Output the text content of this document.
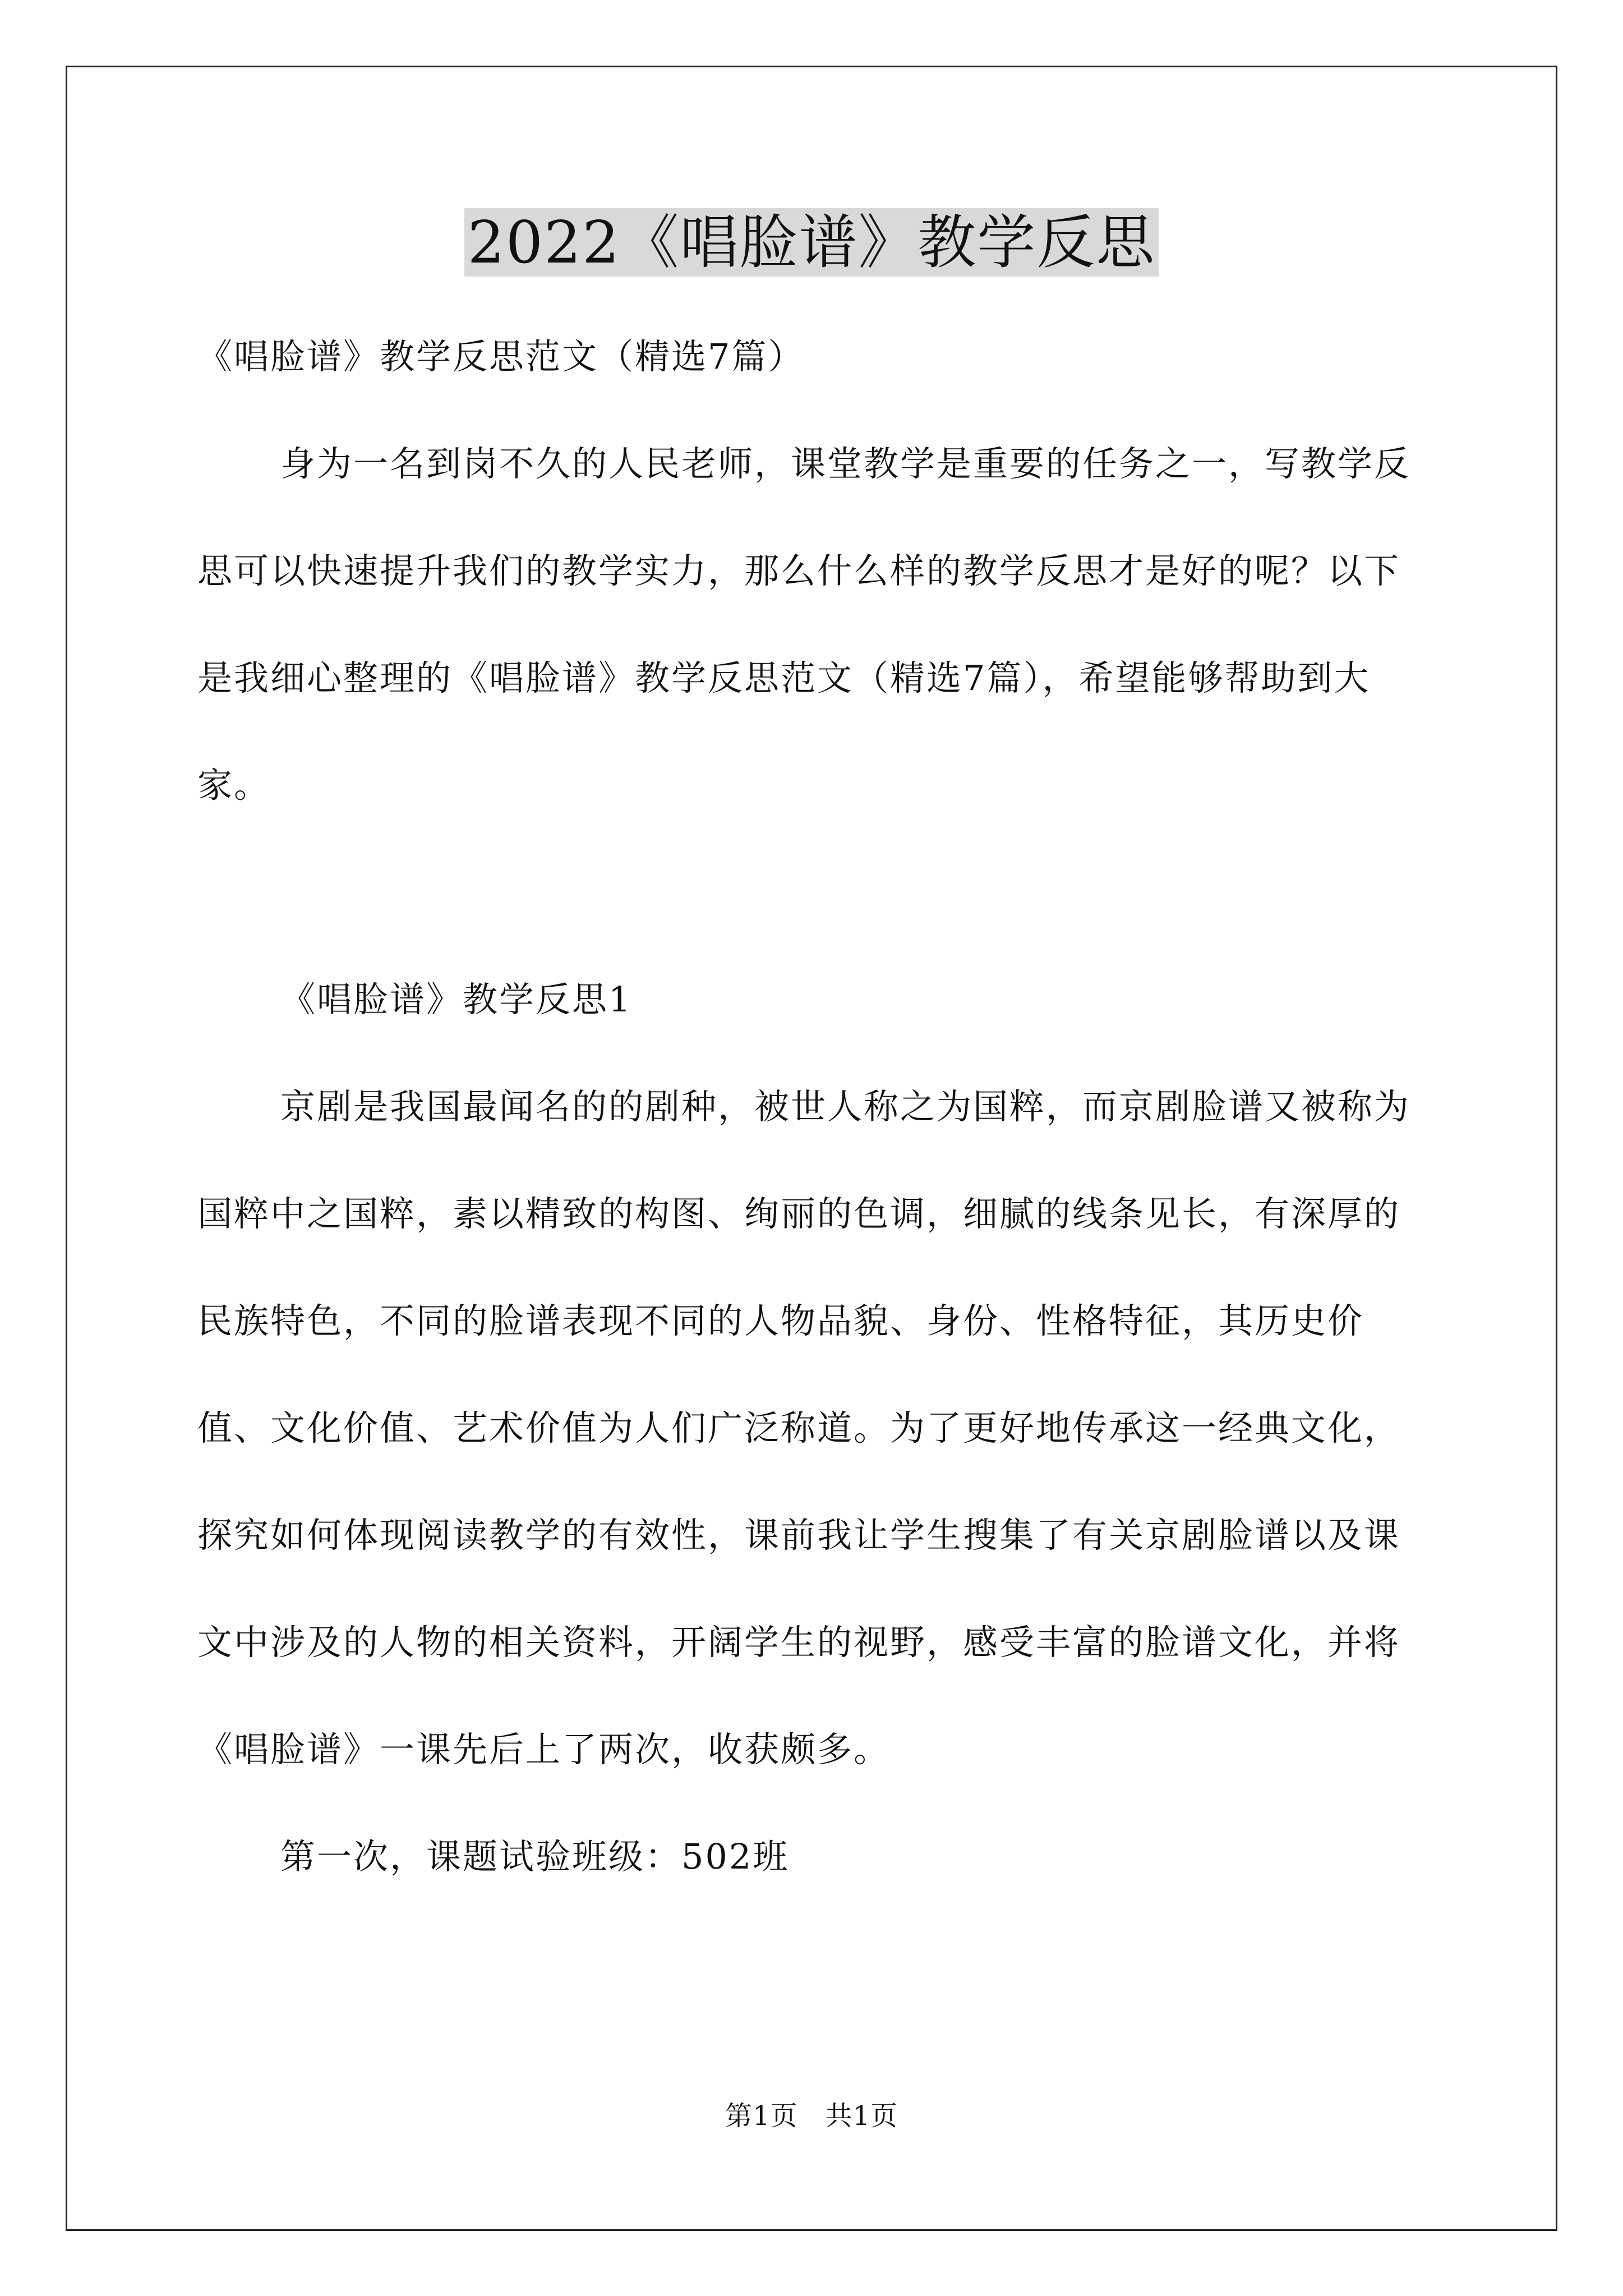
2022《唱脸谱》教学反思

《唱脸谱》教学反思范文（精选7篇）

身为一名到岗不久的人民老师，课堂教学是重要的任务之一，写教学反思可以快速提升我们的教学实力，那么什么样的教学反思才是好的呢？以下是我细心整理的《唱脸谱》教学反思范文（精选7篇），希望能够帮助到大家。

《唱脸谱》教学反思1

京剧是我国最闻名的的剧种，被世人称之为国粹，而京剧脸谱又被称为国粹中之国粹，素以精致的构图、绚丽的色调，细腻的线条见长，有深厚的民族特色，不同的脸谱表现不同的人物品貌、身份、性格特征，其历史价值、文化价值、艺术价值为人们广泛称道。为了更好地传承这一经典文化，探究如何体现阅读教学的有效性，课前我让学生搜集了有关京剧脸谱以及课文中涉及的人物的相关资料，开阔学生的视野，感受丰富的脸谱文化，并将《唱脸谱》一课先后上了两次，收获颇多。

第一次，课题试验班级：502班

第1页　共1页
